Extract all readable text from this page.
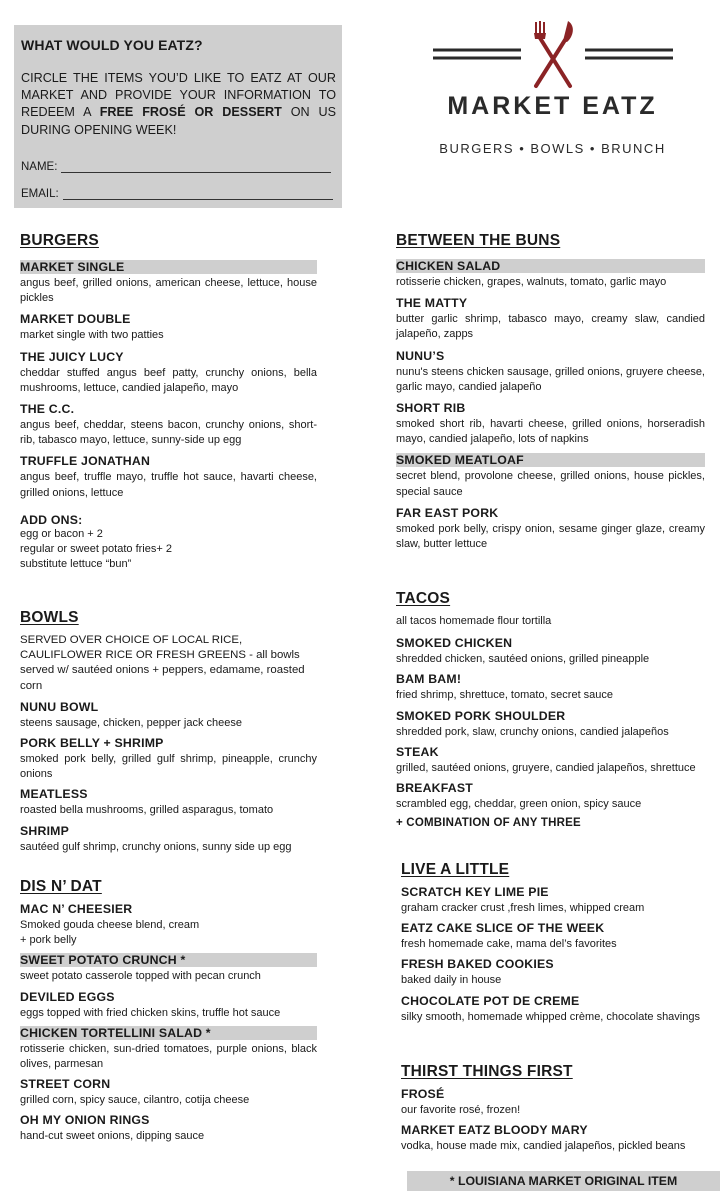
WHAT WOULD YOU EATZ?
CIRCLE THE ITEMS YOU’D LIKE TO EATZ AT OUR MARKET AND PROVIDE YOUR INFORMATION TO REDEEM A FREE FROSÉ OR DESSERT ON US DURING OPENING WEEK!
NAME:
EMAIL:
MARKET EATZ
BURGERS • BOWLS • BRUNCH
BURGERS
MARKET SINGLE
angus beef, grilled onions, american cheese, lettuce, house pickles
MARKET DOUBLE
market single with two patties
THE JUICY LUCY
cheddar stuffed angus beef patty, crunchy onions, bella mushrooms, lettuce, candied jalapeño, mayo
THE C.C.
angus beef, cheddar, steens bacon, crunchy onions, short-rib, tabasco mayo, lettuce, sunny-side up egg
TRUFFLE JONATHAN
angus beef, truffle mayo, truffle hot sauce, havarti cheese, grilled onions, lettuce
ADD ONS:
egg or bacon + 2
regular or sweet potato fries+ 2
substitute lettuce “bun”
BOWLS
SERVED OVER CHOICE OF LOCAL RICE, CAULIFLOWER RICE OR FRESH GREENS - all bowls served w/ sautéed onions + peppers, edamame, roasted corn
NUNU BOWL
steens sausage, chicken, pepper jack cheese
PORK BELLY + SHRIMP
smoked pork belly, grilled gulf shrimp, pineapple, crunchy onions
MEATLESS
roasted bella mushrooms, grilled asparagus, tomato
SHRIMP
sautéed gulf shrimp, crunchy onions, sunny side up egg
DIS N’ DAT
MAC N’ CHEESIER
Smoked gouda cheese blend, cream
+ pork belly
SWEET POTATO CRUNCH *
sweet potato casserole topped with pecan crunch
DEVILED EGGS
eggs topped with fried chicken skins, truffle hot sauce
CHICKEN TORTELLINI SALAD *
rotisserie chicken, sun-dried tomatoes, purple onions, black olives, parmesan
STREET CORN
grilled corn, spicy sauce, cilantro, cotija cheese
OH MY ONION RINGS
hand-cut sweet onions, dipping sauce
BETWEEN THE BUNS
CHICKEN SALAD
rotisserie chicken, grapes, walnuts, tomato, garlic mayo
THE MATTY
butter garlic shrimp, tabasco mayo, creamy slaw, candied jalapeño, zapps
NUNU’S
nunu's steens chicken sausage, grilled onions, gruyere cheese, garlic mayo, candied jalapeño
SHORT RIB
smoked short rib, havarti cheese, grilled onions, horseradish mayo, candied jalapeño, lots of napkins
SMOKED MEATLOAF
secret blend, provolone cheese, grilled onions, house pickles, special sauce
FAR EAST PORK
smoked pork belly, crispy onion, sesame ginger glaze, creamy slaw, butter lettuce
TACOS
all tacos homemade flour tortilla
SMOKED CHICKEN
shredded chicken, sautéed onions, grilled pineapple
BAM BAM!
fried shrimp, shrettuce, tomato, secret sauce
SMOKED PORK SHOULDER
shredded pork, slaw, crunchy onions, candied jalapeños
STEAK
grilled, sautéed onions, gruyere, candied jalapeños, shrettuce
BREAKFAST
scrambled egg, cheddar, green onion, spicy sauce
+ COMBINATION OF ANY THREE
LIVE A LITTLE
SCRATCH KEY LIME PIE
graham cracker crust ,fresh limes, whipped cream
EATZ CAKE SLICE OF THE WEEK
fresh homemade cake, mama del’s favorites
FRESH BAKED COOKIES
baked daily in house
CHOCOLATE POT DE CREME
silky smooth, homemade whipped crème, chocolate shavings
THIRST THINGS FIRST
FROSÉ
our favorite rosé, frozen!
MARKET EATZ BLOODY MARY
vodka, house made mix, candied jalapeños, pickled beans
* LOUISIANA MARKET ORIGINAL ITEM
